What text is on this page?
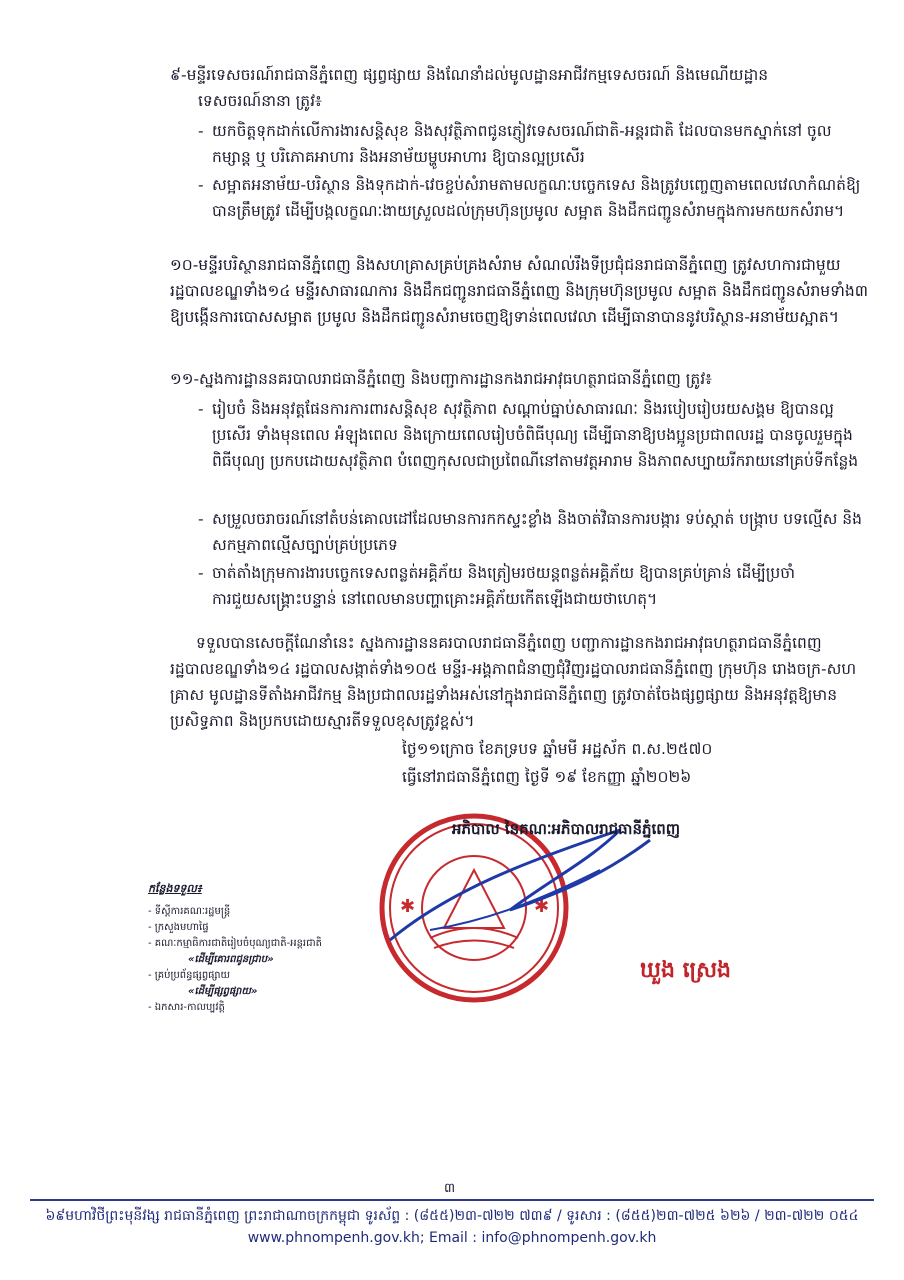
៩-មន្ទីរទេសចរណ៍រាជធានីភ្នំពេញ ផ្សព្វផ្សាយ និងណែនាំដល់មូលដ្ឋានអាជីវកម្មទេសចរណ៍ និងមេណីយដ្ឋាន
ទេសចរណ៍នានា ត្រូវ៖
- យកចិត្តទុកដាក់លើការងារសន្តិសុខ និងសុវត្ថិភាពជូនភ្ញៀវទេសចរណ៍ជាតិ-អន្តរជាតិ ដែលបានមកស្នាក់នៅ ចូលកម្សាន្ត ឬ បរិភោគអាហារ និងអនាម័យម្ហូបអាហារ ឱ្យបានល្អប្រសើរ
- សម្អាតអនាម័យ-បរិស្ថាន និងទុកដាក់-វេចខ្ចប់សំរាមតាមលក្ខណៈបច្ចេកទេស និងត្រូវបញ្ចេញតាមពេលវេលាកំណត់ឱ្យបានត្រឹមត្រូវ ដើម្បីបង្កលក្ខណៈងាយស្រួលដល់ក្រុមហ៊ុនប្រមូល សម្អាត និងដឹកជញ្ជូនសំរាមក្នុងការមកយកសំរាម។
១០-មន្ទីរបរិស្ថានរាជធានីភ្នំពេញ និងសហគ្រាសគ្រប់គ្រងសំរាម សំណល់រឹងទីប្រជុំជនរាជធានីភ្នំពេញ ត្រូវសហការជាមួយរដ្ឋបាលខណ្ឌទាំង១៤ មន្ទីរសាធារណការ និងដឹកជញ្ជូនរាជធានីភ្នំពេញ និងក្រុមហ៊ុនប្រមូល សម្អាត និងដឹកជញ្ជូនសំរាមទាំង៣ ឱ្យបង្កើនការបោសសម្អាត ប្រមូល និងដឹកជញ្ជូនសំរាមចេញឱ្យទាន់ពេលវេលា ដើម្បីធានាបាននូវបរិស្ថាន-អនាម័យស្អាត។
១១-ស្នងការដ្ឋាននគរបាលរាជធានីភ្នំពេញ និងបញ្ជាការដ្ឋានកងរាជអាវុធហត្ថរាជធានីភ្នំពេញ ត្រូវ៖
- រៀបចំ និងអនុវត្តផែនការការពារសន្តិសុខ សុវត្ថិភាព សណ្តាប់ធ្នាប់សាធារណៈ និងរបៀបរៀបរយសង្គម ឱ្យបានល្អប្រសើរ ទាំងមុនពេល អំឡុងពេល និងក្រោយពេលរៀបចំពិធីបុណ្យ ដើម្បីធានាឱ្យបងប្អូនប្រជាពលរដ្ឋ បានចូលរួមក្នុងពិធីបុណ្យ ប្រកបដោយសុវត្ថិភាព បំពេញកុសលជាប្រពៃណីនៅតាមវត្តអារាម និងភាពសប្បាយរីករាយនៅគ្រប់ទីកន្លែង
- សម្រួលចរាចរណ៍នៅតំបន់គោលដៅដែលមានការកកស្ទះខ្លាំង និងចាត់វិធានការបង្ការ ទប់ស្កាត់ បង្ក្រាប បទល្មើស និងសកម្មភាពល្មើសច្បាប់គ្រប់ប្រភេទ
- ចាត់តាំងក្រុមការងារបច្ចេកទេសពន្លត់អគ្គិភ័យ និងត្រៀមរថយន្តពន្លត់អគ្គិភ័យ ឱ្យបានគ្រប់គ្រាន់ ដើម្បីប្រចាំការជួយសង្គ្រោះបន្ទាន់ នៅពេលមានបញ្ហាគ្រោះអគ្គិភ័យកើតឡើងជាយថាហេតុ។
ទទួលបានសេចក្តីណែនាំនេះ ស្នងការដ្ឋាននគរបាលរាជធានីភ្នំពេញ បញ្ជាការដ្ឋានកងរាជអាវុធហត្ថរាជធានីភ្នំពេញ រដ្ឋបាលខណ្ឌទាំង១៤ រដ្ឋបាលសង្កាត់ទាំង១០៥ មន្ទីរ-អង្គភាពជំនាញជុំវិញរដ្ឋបាលរាជធានីភ្នំពេញ ក្រុមហ៊ុន រោងចក្រ-សហគ្រាស មូលដ្ឋានទីតាំងអាជីវកម្ម និងប្រជាពលរដ្ឋទាំងអស់នៅក្នុងរាជធានីភ្នំពេញ ត្រូវចាត់ចែងផ្សព្វផ្សាយ និងអនុវត្តឱ្យមានប្រសិទ្ធភាព និងប្រកបដោយស្មារតីទទួលខុសត្រូវខ្ពស់។
ថ្ងៃ១១ក្រោច ខែភទ្របទ ឆ្នាំមមី អដ្ឋស័ក ព.ស.២៥៧០
ធ្វើនៅរាជធានីភ្នំពេញ ថ្ងៃទី ១៩ ខែកញ្ញា ឆ្នាំ២០២៦
✱	✱
អភិបាល នៃគណៈអភិបាលរាជធានីភ្នំពេញ
ឃួង ស្រេង
កន្លែងទទួល៖
- ទីស្តីការគណៈរដ្ឋមន្ត្រី
- ក្រសួងមហាផ្ទៃ
- គណៈកម្មាធិការជាតិរៀបចំបុណ្យជាតិ-អន្តរជាតិ
«ដើម្បីគោរពជូនជ្រាប»
- គ្រប់ប្រព័ន្ធផ្សព្វផ្សាយ
«ដើម្បីផ្សព្វផ្សាយ»
- ឯកសារ-កាលប្បវត្តិ
៣
៦៩មហាវិថីព្រះមុនីវង្ស រាជធានីភ្នំពេញ ព្រះរាជាណាចក្រកម្ពុជា ទូរស័ព្ទ : (៨៥៥)២៣-៧២២ ៧៣៩ / ទូរសារ : (៨៥៥)២៣-៧២៥ ៦២៦ / ២៣-៧២២ ០៥៤
www.phnompenh.gov.kh; Email : info@phnompenh.gov.kh
